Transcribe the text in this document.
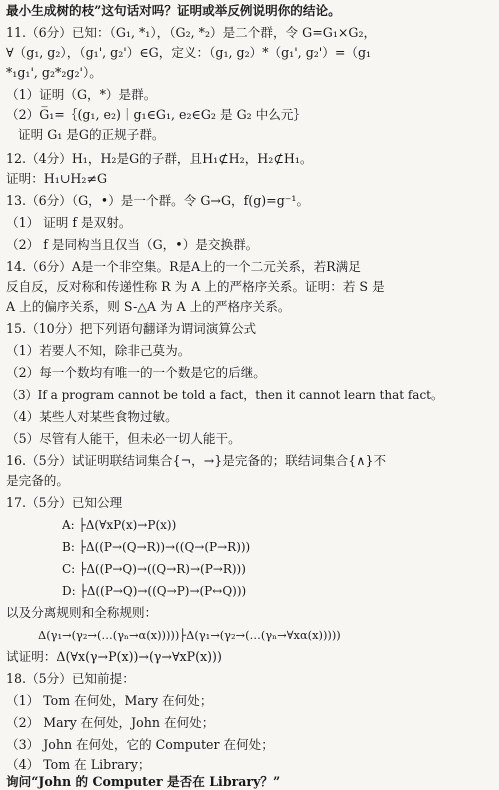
最小生成树的枝”这句话对吗？证明或举反例说明你的结论。
11.（6分）已知：（G₁, *₁），（G₂, *₂）是二个群，令 G=G₁×G₂，
∀（g₁, g₂），（g₁', g₂'）∈G，定义：（g₁, g₂）*（g₁', g₂'）=（g₁
*₁g₁', g₂*₂g₂'）。
（1）证明（G，*）是群。
（2）G̅₁=｛(g₁, e₂)｜g₁∈G₁, e₂∈G₂ 是 G₂ 中么元｝
证明 G₁ 是G的正规子群。
12.（4分）H₁，H₂是G的子群，且H₁⊄H₂，H₂⊄H₁。
证明：H₁∪H₂≠G
13.（6分）（G，•）是一个群。令 G→G，f(g)=g⁻¹。
（1） 证明 f 是双射。
（2） f 是同构当且仅当（G，•）是交换群。
14.（6分）A是一个非空集。R是A上的一个二元关系，若R满足
反自反，反对称和传递性称 R 为 A 上的严格序关系。证明：若 S 是
A 上的偏序关系，则 S-△A 为 A 上的严格序关系。
15.（10分）把下列语句翻译为谓词演算公式
（1）若要人不知，除非己莫为。
（2）每一个数均有唯一的一个数是它的后继。
（3）If a program cannot be told a fact，then it cannot learn that fact。
（4）某些人对某些食物过敏。
（5）尽管有人能干，但未必一切人能干。
16.（5分）试证明联结词集合{¬，→}是完备的；联结词集合{∧}不
是完备的。
17.（5分）已知公理
A: ├Δ(∀xP(x)→P(x))
B: ├Δ((P→(Q→R))→((Q→(P→R)))
C: ├Δ((P→Q)→((Q→R)→(P→R)))
D: ├Δ((P→Q)→((Q→P)→(P↔Q)))
以及分离规则和全称规则：
Δ(γ₁→(γ₂→(…(γₙ→α(x)))))├Δ(γ₁→(γ₂→(…(γₙ→∀xα(x)))))
试证明：Δ(∀x(γ→P(x))→(γ→∀xP(x)))
18.（5分）已知前提：
（1） Tom 在何处，Mary 在何处；
（2） Mary 在何处，John 在何处；
（3） John 在何处，它的 Computer 在何处；
（4） Tom 在 Library；
询问“John 的 Computer 是否在 Library？”
